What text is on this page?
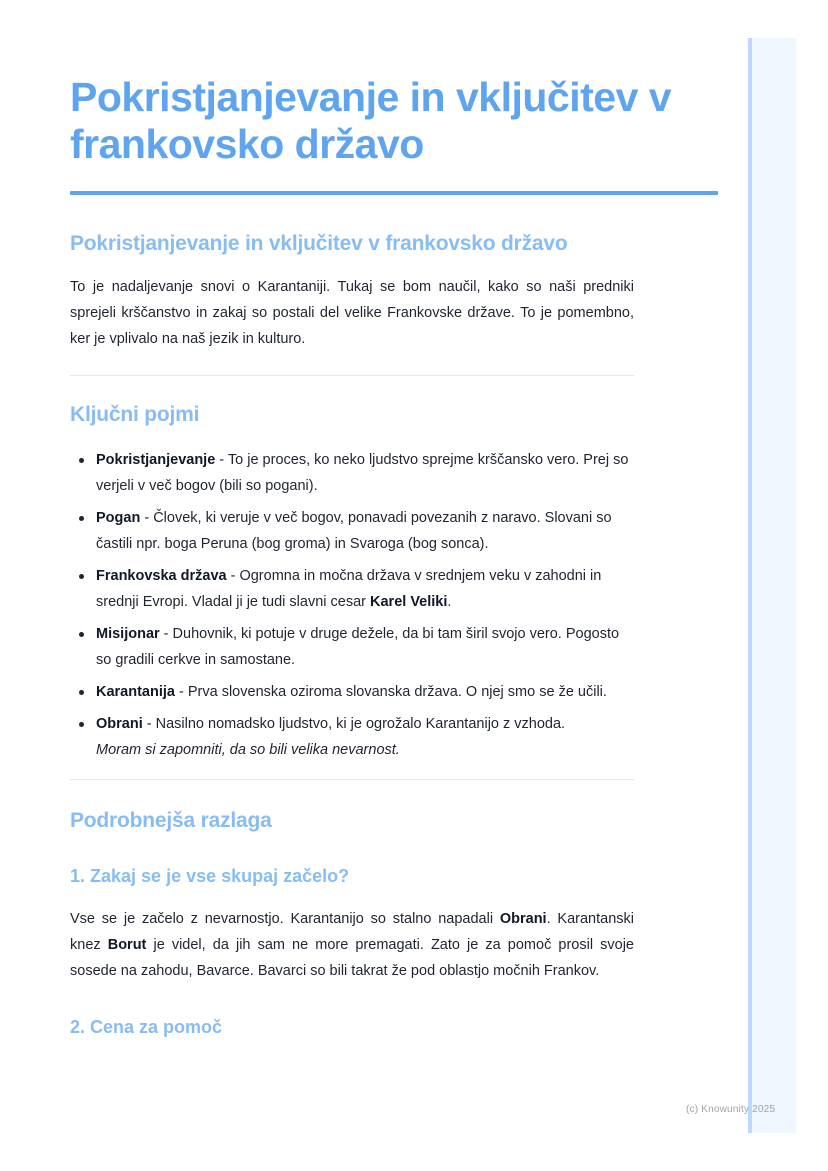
Pokristjanjevanje in vključitev v frankovsko državo
Pokristjanjevanje in vključitev v frankovsko državo

To je nadaljevanje snovi o Karantaniji. Tukaj se bom naučil, kako so naši predniki sprejeli krščanstvo in zakaj so postali del velike Frankovske države. To je pomembno, ker je vplivalo na naš jezik in kulturo.

Ključni pojmi
Pokristjanjevanje - To je proces, ko neko ljudstvo sprejme krščansko vero. Prej so verjeli v več bogov (bili so pogani).
Pogan - Človek, ki veruje v več bogov, ponavadi povezanih z naravo. Slovani so častili npr. boga Peruna (bog groma) in Svaroga (bog sonca).
Frankovska država - Ogromna in močna država v srednjem veku v zahodni in srednji Evropi. Vladal ji je tudi slavni cesar Karel Veliki.
Misijonar - Duhovnik, ki potuje v druge dežele, da bi tam širil svojo vero. Pogosto so gradili cerkve in samostane.
Karantanija - Prva slovenska oziroma slovanska država. O njej smo se že učili.
Obrani - Nasilno nomadsko ljudstvo, ki je ogrožalo Karantanijo z vzhoda.
Moram si zapomniti, da so bili velika nevarnost.
Podrobnejša razlaga
1. Zakaj se je vse skupaj začelo?

Vse se je začelo z nevarnostjo. Karantanijo so stalno napadali Obrani. Karantanski knez Borut je videl, da jih sam ne more premagati. Zato je za pomoč prosil svoje sosede na zahodu, Bavarce. Bavarci so bili takrat že pod oblastjo močnih Frankov.

2. Cena za pomoč
(c) Knowunity 2025
